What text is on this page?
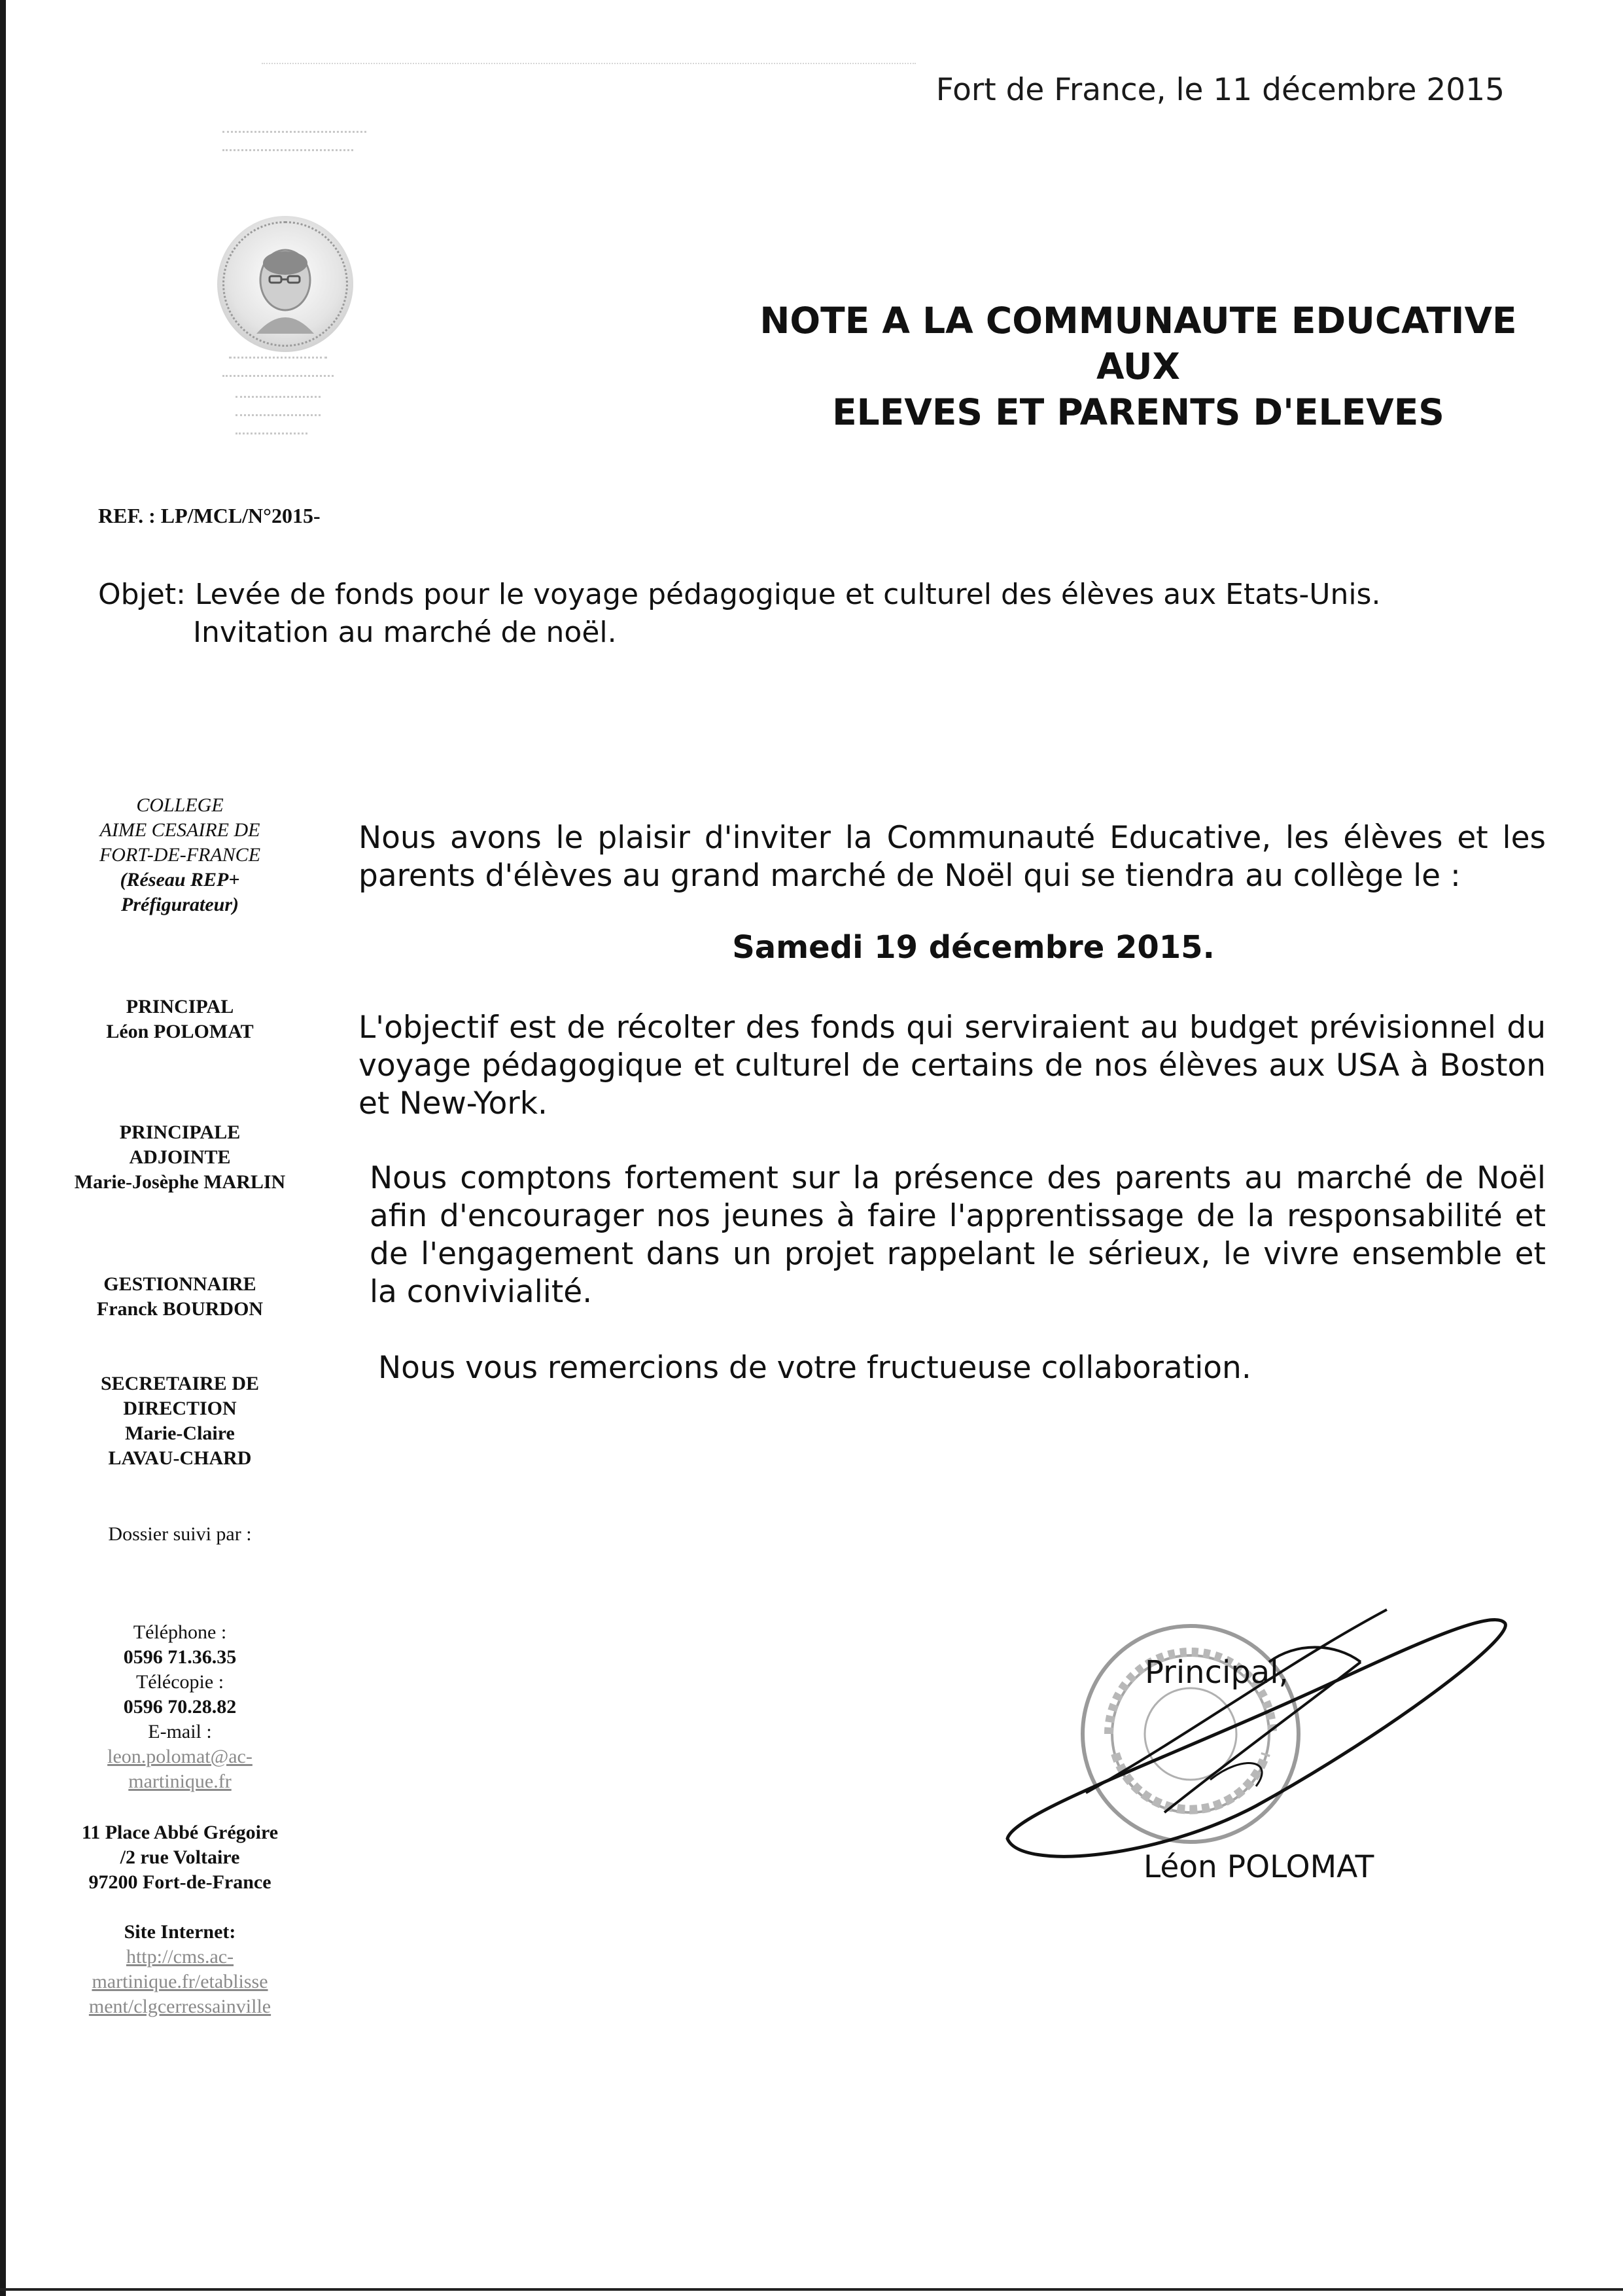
Fort de France, le 11 décembre 2015
NOTE A LA COMMUNAUTE EDUCATIVE AUX
ELEVES ET PARENTS D'ELEVES
REF. : LP/MCL/N°2015-
Objet: Levée de fonds pour le voyage pédagogique et culturel des élèves aux Etats-Unis.
Invitation au marché de noël.
COLLEGE
AIME CESAIRE DE
FORT-DE-FRANCE
(Réseau REP+
Préfigurateur)
PRINCIPAL
Léon POLOMAT
PRINCIPALE
ADJOINTE
Marie-Josèphe MARLIN
GESTIONNAIRE
Franck BOURDON
SECRETAIRE DE
DIRECTION
Marie-Claire
LAVAU-CHARD
Dossier suivi par :
Téléphone :
0596 71.36.35
Télécopie :
0596 70.28.82
E-mail :
leon.polomat@ac-
martinique.fr
11 Place Abbé Grégoire
/2 rue Voltaire
97200 Fort-de-France
Site Internet:
http://cms.ac-
martinique.fr/etablisse
ment/clgcerressainville

Nous avons le plaisir d'inviter la Communauté Educative, les élèves et les parents d'élèves au grand marché de Noël qui se tiendra au collège le :

Samedi 19 décembre 2015.

L'objectif est de récolter des fonds qui serviraient au budget prévisionnel du voyage pédagogique et culturel de certains de nos élèves aux USA à Boston et New-York.

Nous comptons fortement sur la présence des parents au marché de Noël afin d'encourager nos jeunes à faire l'apprentissage de la responsabilité et de l'engagement dans un projet rappelant le sérieux, le vivre ensemble et la convivialité.

Nous vous remercions de votre fructueuse collaboration.

Principal,
Léon POLOMAT
